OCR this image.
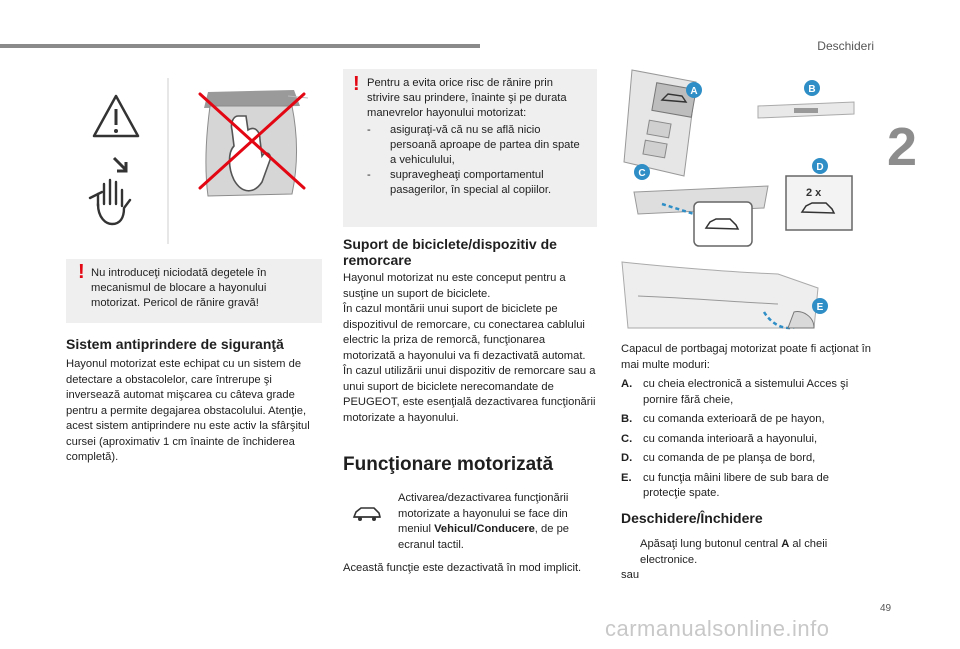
Deschideri
2
49
carmanualsonline.info
! Nu introduceţi niciodată degetele în mecanismul de blocare a hayonului motorizat. Pericol de rănire gravă!
Sistem antiprindere de siguranţă
Hayonul motorizat este echipat cu un sistem de detectare a obstacolelor, care întrerupe şi inversează automat mişcarea cu câteva grade pentru a permite degajarea obstacolului. Atenţie, acest sistem antiprindere nu este activ la sfârşitul cursei (aproximativ 1 cm înainte de închiderea completă).
! Pentru a evita orice risc de rănire prin strivire sau prindere, înainte şi pe durata manevrelor hayonului motorizat:
- asiguraţi-vă că nu se află nicio persoană aproape de partea din spate a vehiculului,
- supravegheaţi comportamentul pasagerilor, în special al copiilor.
Suport de biciclete/dispozitiv de remorcare
Hayonul motorizat nu este conceput pentru a susţine un suport de biciclete.
În cazul montării unui suport de biciclete pe dispozitivul de remorcare, cu conectarea cablului electric la priza de remorcă, funcţionarea motorizată a hayonului va fi dezactivată automat.
În cazul utilizării unui dispozitiv de remorcare sau a unui suport de biciclete nerecomandate de PEUGEOT, este esenţială dezactivarea funcţionării motorizate a hayonului.
Funcţionare motorizată
Activarea/dezactivarea funcţionării motorizate a hayonului se face din meniul Vehicul/Conducere, de pe ecranul tactil.
Această funcţie este dezactivată în mod implicit.
2 x
A	B
C
D
E
Capacul de portbagaj motorizat poate fi acţionat în mai multe moduri:
A. cu cheia electronică a sistemului Acces şi pornire fără cheie,
B. cu comanda exterioară de pe hayon,
C. cu comanda interioară a hayonului,
D. cu comanda de pe planşa de bord,
E.	cu funcţia mâini libere de sub bara de protecţie spate.
Deschidere/Închidere
Apăsaţi lung butonul central A al cheii electronice.
sau
